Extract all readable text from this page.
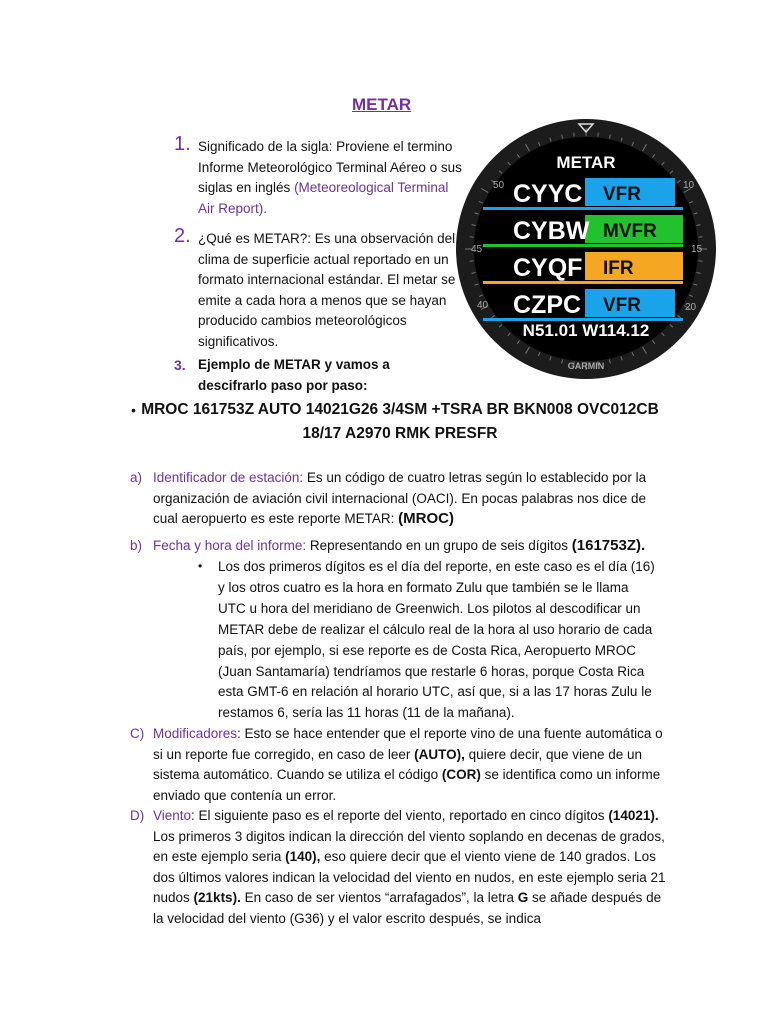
METAR
1. Significado de la sigla: Proviene el termino Informe Meteorológico Terminal Aéreo o sus siglas en inglés (Meteoreological Terminal Air Report).
2. ¿Qué es METAR?: Es una observación del clima de superficie actual reportado en un formato internacional estándar. El metar se emite a cada hora a menos que se hayan producido cambios meteorológicos significativos.
3. Ejemplo de METAR y vamos a descifrarlo paso por paso:
• MROC 161753Z AUTO 14021G26 3/4SM +TSRA BR BKN008 OVC012CB
18/17 A2970 RMK PRESFR
a) Identificador de estación: Es un código de cuatro letras según lo establecido por la organización de aviación civil internacional (OACI). En pocas palabras nos dice de cual aeropuerto es este reporte METAR: (MROC)
b) Fecha y hora del informe: Representando en un grupo de seis dígitos (161753Z).
• Los dos primeros dígitos es el día del reporte, en este caso es el día (16) y los otros cuatro es la hora en formato Zulu que también se le llama UTC u hora del meridiano de Greenwich. Los pilotos al descodificar un METAR debe de realizar el cálculo real de la hora al uso horario de cada país, por ejemplo, si ese reporte es de Costa Rica, Aeropuerto MROC (Juan Santamaría) tendríamos que restarle 6 horas, porque Costa Rica esta GMT-6 en relación al horario UTC, así que, si a las 17 horas Zulu le restamos 6, sería las 11 horas (11 de la mañana).
C) Modificadores: Esto se hace entender que el reporte vino de una fuente automática o si un reporte fue corregido, en caso de leer (AUTO), quiere decir, que viene de un sistema automático. Cuando se utiliza el código (COR) se identifica como un informe enviado que contenía un error.
D) Viento: El siguiente paso es el reporte del viento, reportado en cinco dígitos (14021). Los primeros 3 digitos indican la dirección del viento soplando en decenas de grados, en este ejemplo seria (140), eso quiere decir que el viento viene de 140 grados. Los dos últimos valores indican la velocidad del viento en nudos, en este ejemplo seria 21 nudos (21kts). En caso de ser vientos “arrafagados”, la letra G se añade después de la velocidad del viento (G36) y el valor escrito después, se indica
50
45
40
10
15
20
METAR
CYYC VFR
CYBW MVFR
CYQF IFR
CZPC VFR
N51.01 W114.12
GARMIN
